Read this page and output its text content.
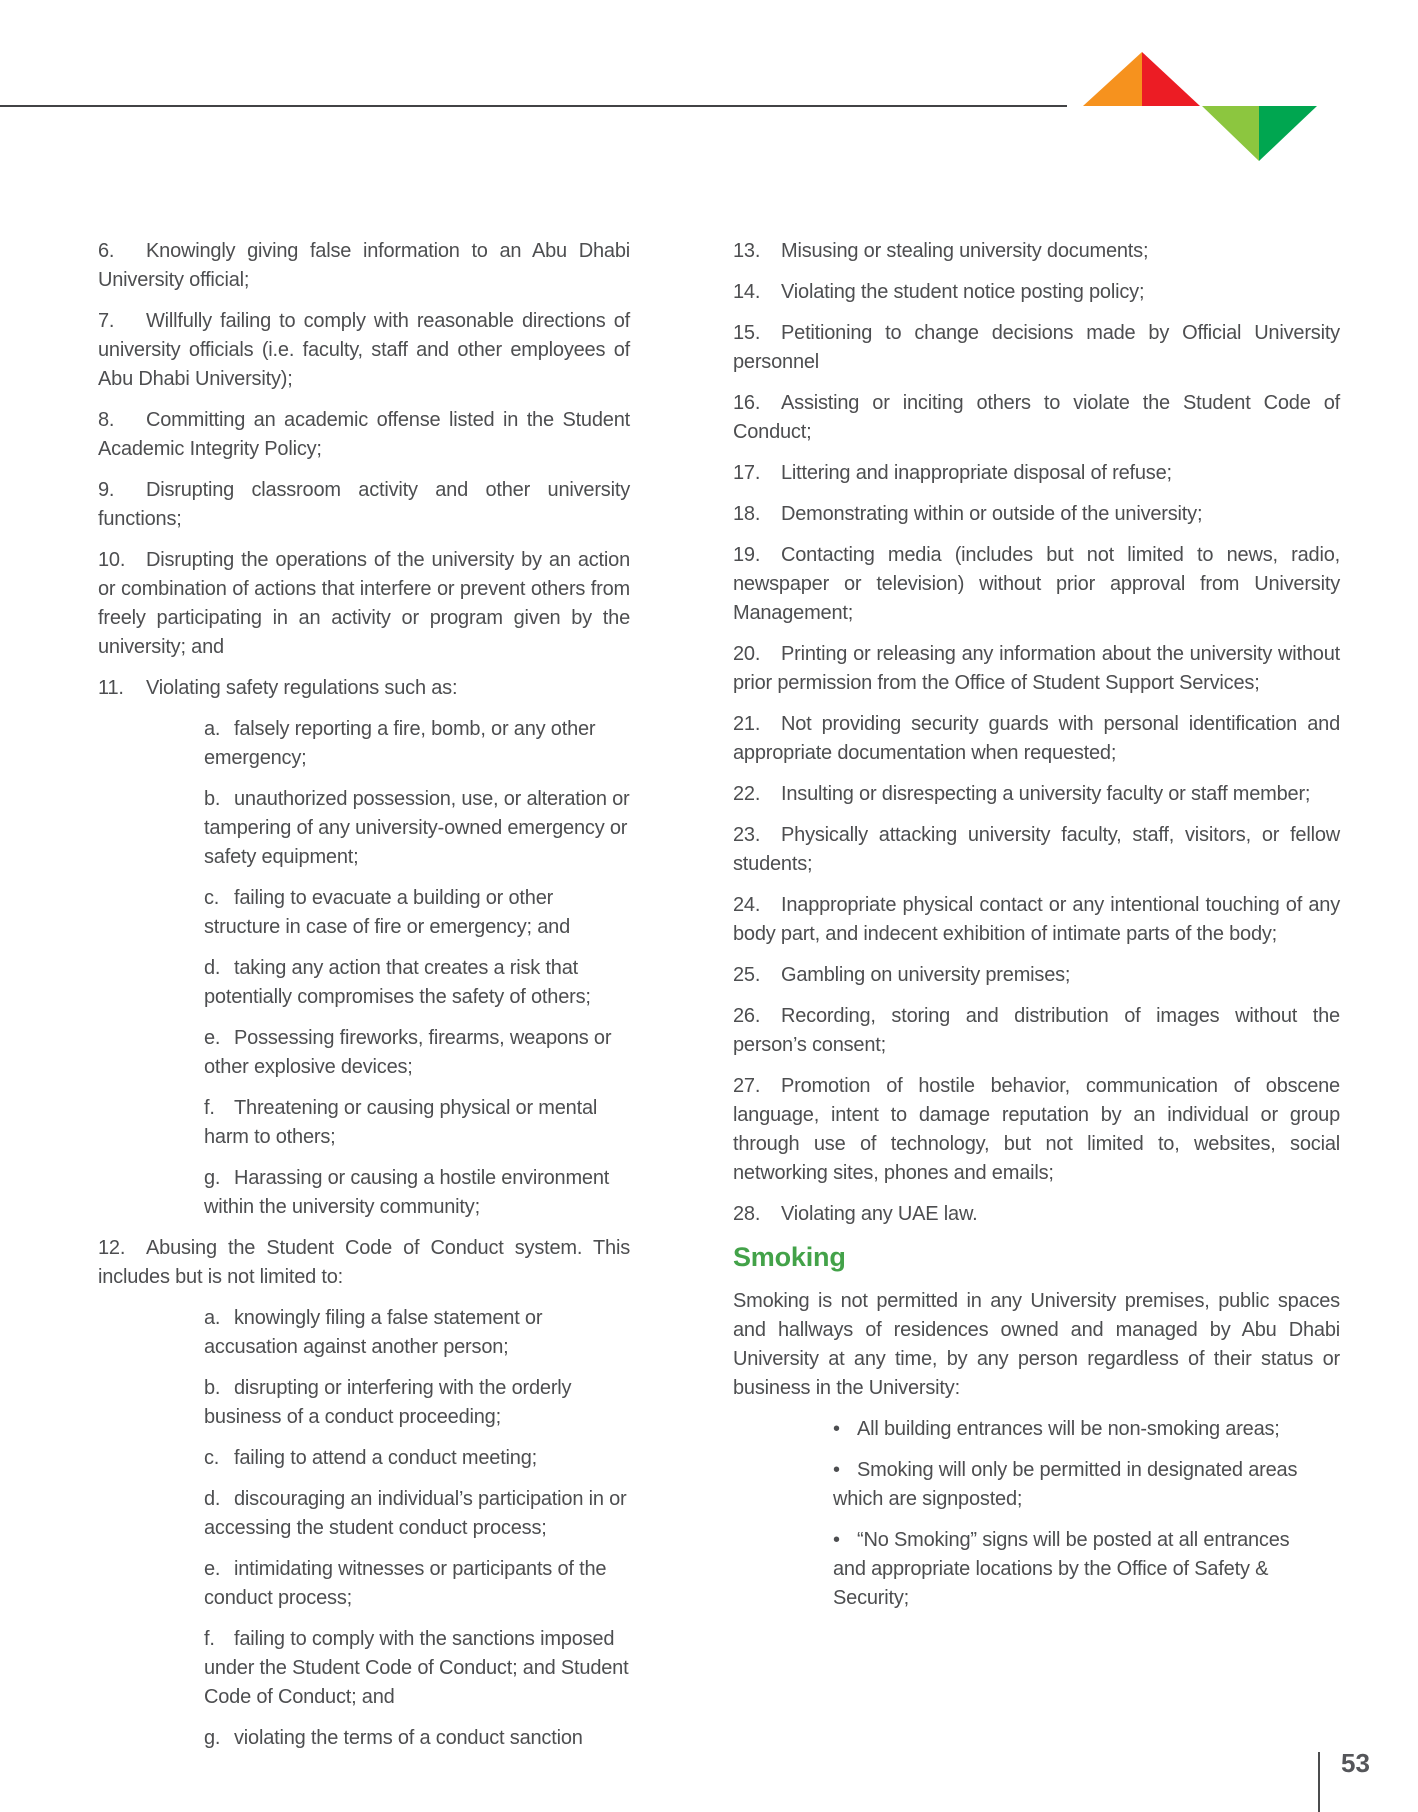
6. Knowingly giving false information to an Abu Dhabi University official;

7. Willfully failing to comply with reasonable directions of university officials (i.e. faculty, staff and other employees of Abu Dhabi University);

8. Committing an academic offense listed in the Student Academic Integrity Policy;

9. Disrupting classroom activity and other university functions;

10. Disrupting the operations of the university by an action or combination of actions that interfere or prevent others from freely participating in an activity or program given by the university; and

11. Violating safety regulations such as:

a. falsely reporting a fire, bomb, or any other emergency;

b. unauthorized possession, use, or alteration or tampering of any university-owned emergency or safety equipment;

c. failing to evacuate a building or other structure in case of fire or emergency; and

d. taking any action that creates a risk that potentially compromises the safety of others;

e. Possessing fireworks, firearms, weapons or other explosive devices;

f. Threatening or causing physical or mental harm to others;

g. Harassing or causing a hostile environment within the university community;

12. Abusing the Student Code of Conduct system. This includes but is not limited to:

a. knowingly filing a false statement or accusation against another person;

b. disrupting or interfering with the orderly business of a conduct proceeding;

c. failing to attend a conduct meeting;

d. discouraging an individual’s participation in or accessing the student conduct process;

e. intimidating witnesses or participants of the conduct process;

f. failing to comply with the sanctions imposed under the Student Code of Conduct; and Student Code of Conduct; and

g. violating the terms of a conduct sanction

13. Misusing or stealing university documents;

14. Violating the student notice posting policy;

15. Petitioning to change decisions made by Official University personnel

16. Assisting or inciting others to violate the Student Code of Conduct;

17. Littering and inappropriate disposal of refuse;

18. Demonstrating within or outside of the university;

19. Contacting media (includes but not limited to news, radio, newspaper or television) without prior approval from University Management;

20. Printing or releasing any information about the university without prior permission from the Office of Student Support Services;

21. Not providing security guards with personal identification and appropriate documentation when requested;

22. Insulting or disrespecting a university faculty or staff member;

23. Physically attacking university faculty, staff, visitors, or fellow students;

24. Inappropriate physical contact or any intentional touching of any body part, and indecent exhibition of intimate parts of the body;

25. Gambling on university premises;

26. Recording, storing and distribution of images without the person’s consent;

27. Promotion of hostile behavior, communication of obscene language, intent to damage reputation by an individual or group through use of technology, but not limited to, websites, social networking sites, phones and emails;

28. Violating any UAE law.

Smoking

Smoking is not permitted in any University premises, public spaces and hallways of residences owned and managed by Abu Dhabi University at any time, by any person regardless of their status or business in the University:

• All building entrances will be non-smoking areas;

• Smoking will only be permitted in designated areas which are signposted;

• “No Smoking” signs will be posted at all entrances and appropriate locations by the Office of Safety & Security;

53
